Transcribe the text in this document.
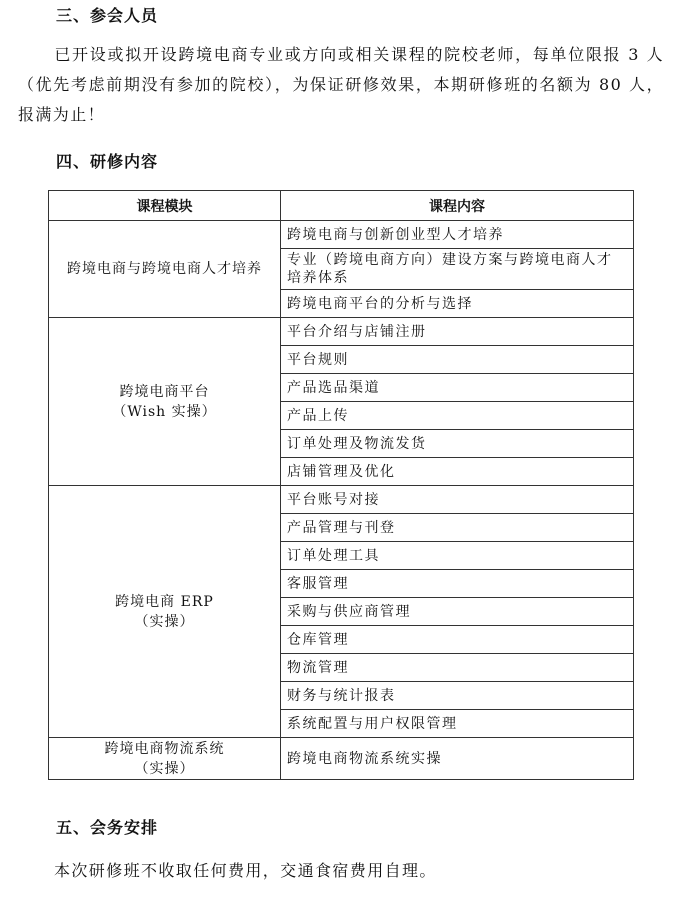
三、参会人员

已开设或拟开设跨境电商专业或方向或相关课程的院校老师，每单位限报 3 人（优先考虑前期没有参加的院校），为保证研修效果，本期研修班的名额为 80 人，报满为止！

四、研修内容
课程模块	课程内容

跨境电商与跨境电商人才培养	跨境电商与创新创业型人才培养
	专业（跨境电商方向）建设方案与跨境电商人才培养体系
	跨境电商平台的分析与选择

跨境电商平台
（Wish 实操）	平台介绍与店铺注册
	平台规则
	产品选品渠道
	产品上传
	订单处理及物流发货
	店铺管理及优化

跨境电商 ERP
（实操）	平台账号对接
	产品管理与刊登
	订单处理工具
	客服管理
	采购与供应商管理
	仓库管理
	物流管理
	财务与统计报表
	系统配置与用户权限管理

跨境电商物流系统
（实操）	跨境电商物流系统实操
五、会务安排

本次研修班不收取任何费用，交通食宿费用自理。
